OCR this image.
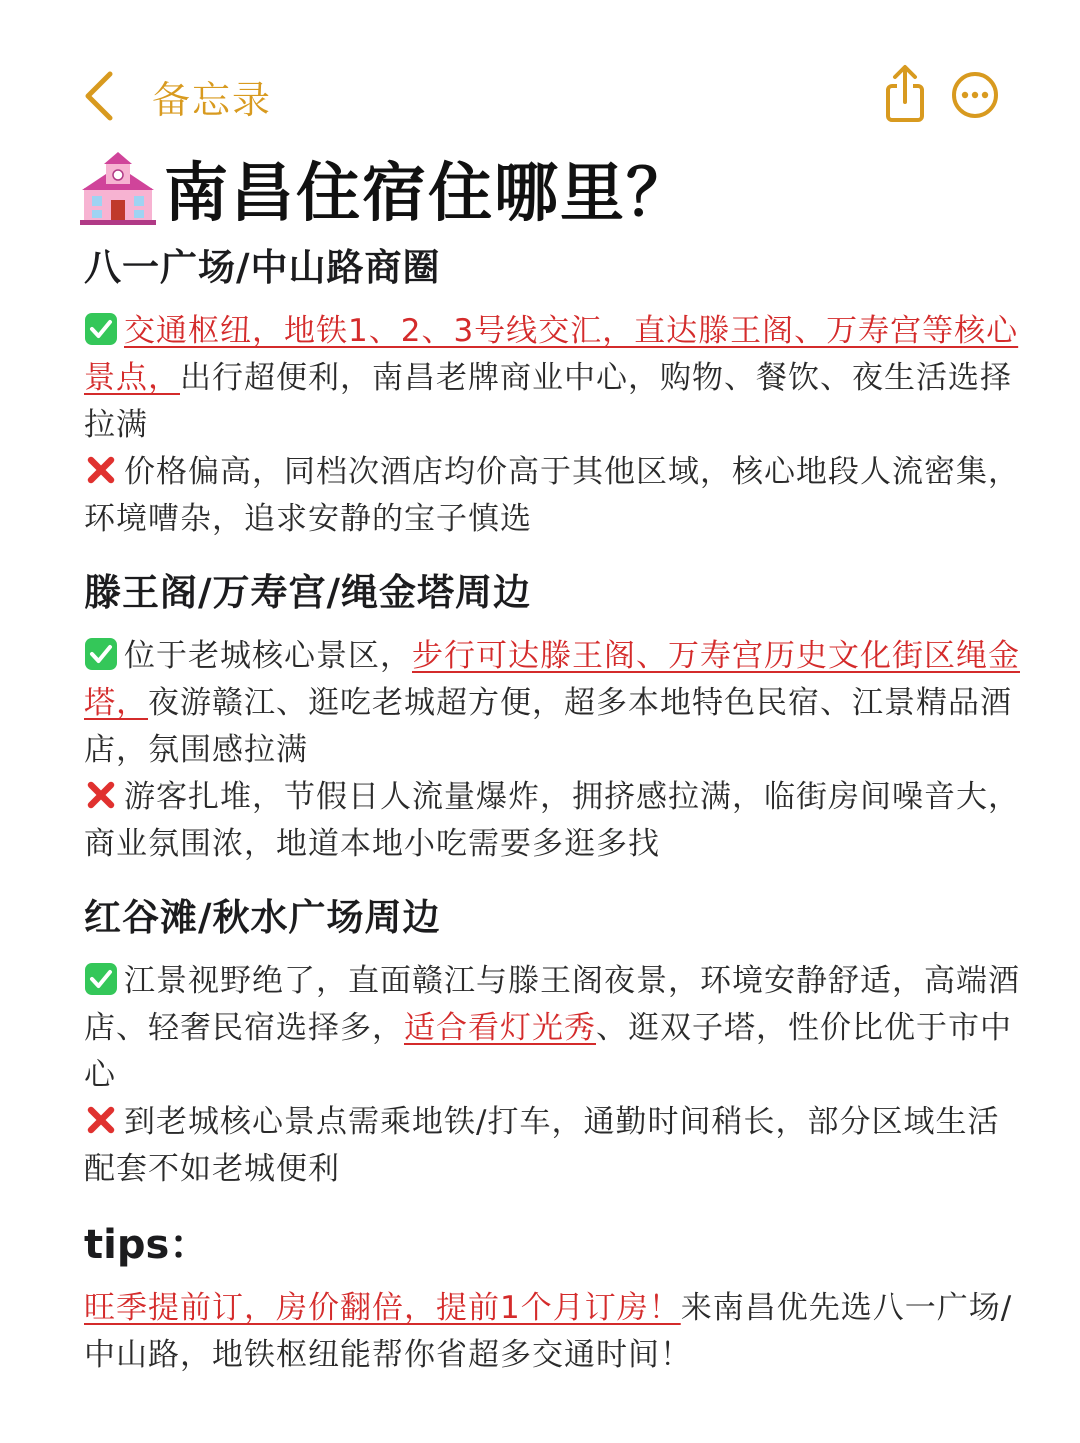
备忘录
南昌住宿住哪里？
八一广场/中山路商圈

交通枢纽，地铁1、2、3号线交汇，直达滕王阁、万寿宫等核心景点，出行超便利，南昌老牌商业中心，购物、餐饮、夜生活选择拉满

价格偏高，同档次酒店均价高于其他区域，核心地段人流密集，环境嘈杂，追求安静的宝子慎选

滕王阁/万寿宫/绳金塔周边

位于老城核心景区，步行可达滕王阁、万寿宫历史文化街区绳金塔，夜游赣江、逛吃老城超方便，超多本地特色民宿、江景精品酒店，氛围感拉满

游客扎堆，节假日人流量爆炸，拥挤感拉满，临街房间噪音大，商业氛围浓，地道本地小吃需要多逛多找

红谷滩/秋水广场周边

江景视野绝了，直面赣江与滕王阁夜景，环境安静舒适，高端酒店、轻奢民宿选择多，适合看灯光秀、逛双子塔，性价比优于市中心

到老城核心景点需乘地铁/打车，通勤时间稍长，部分区域生活配套不如老城便利

tips：

旺季提前订，房价翻倍，提前1个月订房！来南昌优先选八一广场/中山路，地铁枢纽能帮你省超多交通时间！
